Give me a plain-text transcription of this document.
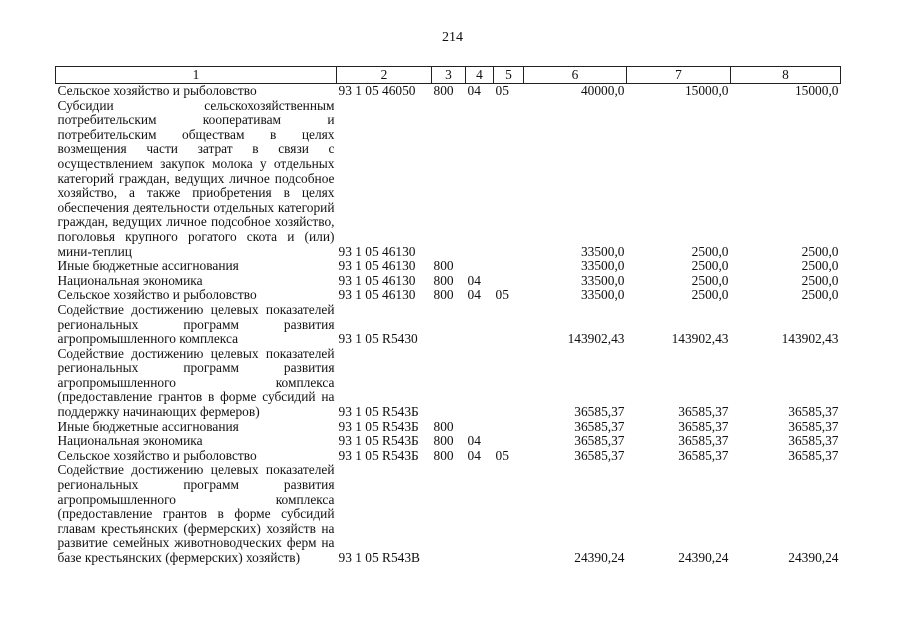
214
1	2	3	4	5	6	7	8
Сельское хозяйство и рыболовство	93 1 05 46050	800	04	05	40000,0	15000,0	15000,0
Субсидии сельскохозяйственным потребительским кооперативам и потребительским обществам в целях возмещения части затрат в связи с осуществлением закупок молока у отдельных категорий граждан, ведущих личное подсобное хозяйство, а также приобретения в целях обеспечения деятельности отдельных категорий граждан, ведущих личное подсобное хозяйство, поголовья крупного рогатого скота и (или) мини-теплиц	93 1 05 46130				33500,0	2500,0	2500,0
Иные бюджетные ассигнования	93 1 05 46130	800			33500,0	2500,0	2500,0
Национальная экономика	93 1 05 46130	800	04		33500,0	2500,0	2500,0
Сельское хозяйство и рыболовство	93 1 05 46130	800	04	05	33500,0	2500,0	2500,0
Содействие достижению целевых показателей региональных программ развития агропромышленного комплекса	93 1 05 R5430				143902,43	143902,43	143902,43
Содействие достижению целевых показателей региональных программ развития агропромышленного комплекса (предоставление грантов в форме субсидий на поддержку начинающих фермеров)	93 1 05 R543Б				36585,37	36585,37	36585,37
Иные бюджетные ассигнования	93 1 05 R543Б	800			36585,37	36585,37	36585,37
Национальная экономика	93 1 05 R543Б	800	04		36585,37	36585,37	36585,37
Сельское хозяйство и рыболовство	93 1 05 R543Б	800	04	05	36585,37	36585,37	36585,37
Содействие достижению целевых показателей региональных программ развития агропромышленного комплекса (предоставление грантов в форме субсидий главам крестьянских (фермерских) хозяйств на развитие семейных животноводческих ферм на базе крестьянских (фермерских) хозяйств)	93 1 05 R543В				24390,24	24390,24	24390,24
